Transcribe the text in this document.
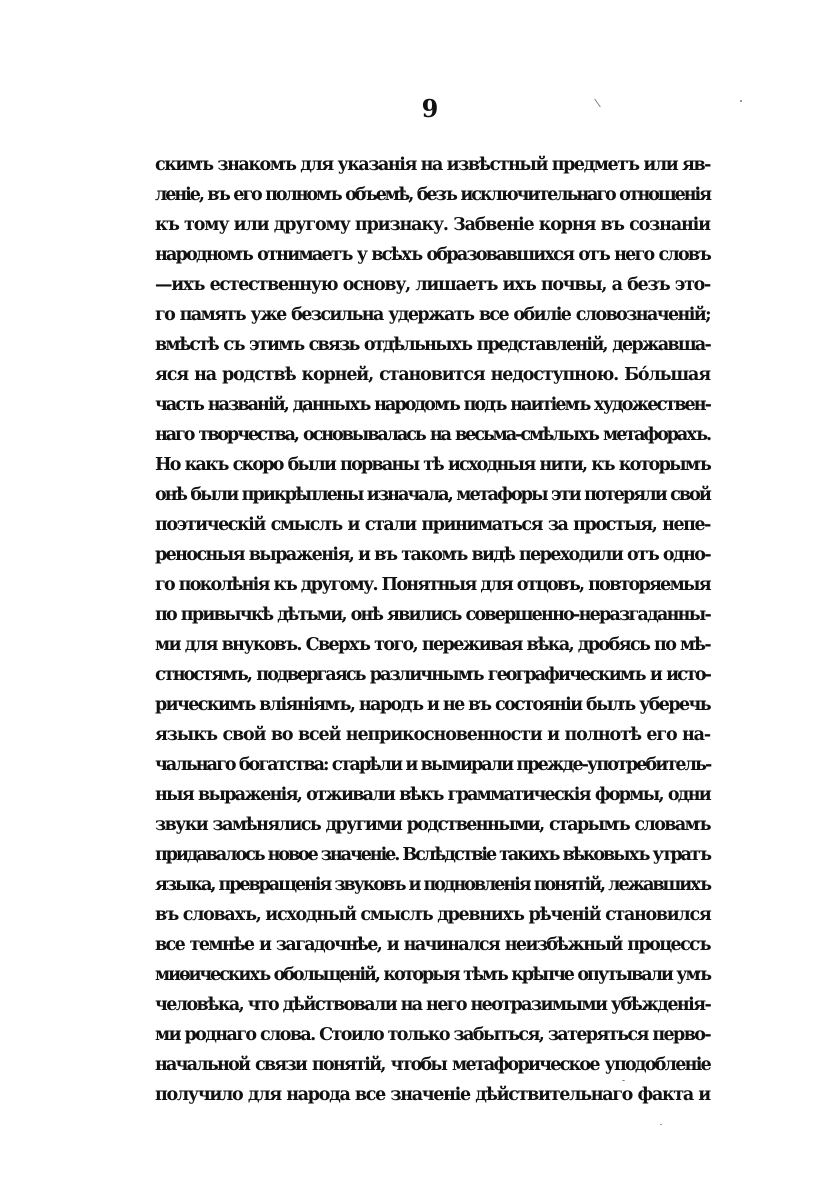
9
скимъ знакомъ для указанія на извѣстный предметъ или яв-
леніе, въ его полномъ объемѣ, безъ исключительнаго отношенія
къ тому или другому признаку. Забвеніе корня въ сознаніи
народномъ отнимаетъ у всѣхъ образовавшихся отъ него словъ
—ихъ естественную основу, лишаетъ ихъ почвы, а безъ это-
го память уже безсильна удержать все обиліе словозначеній;
вмѣстѣ съ этимъ связь отдѣльныхъ представленій, державша-
яся на родствѣ корней, становится недоступною. Бо́льшая
часть названій, данныхъ народомъ подъ наитіемъ художествен-
наго творчества, основывалась на весьма-смѣлыхъ метафорахъ.
Но какъ скоро были порваны тѣ исходныя нити, къ которымъ
онѣ были прикрѣплены изначала, метафоры эти потеряли свой
поэтическій смыслъ и стали приниматься за простыя, непе-
реносныя выраженія, и въ такомъ видѣ переходили отъ одно-
го поколѣнія къ другому. Понятныя для отцовъ, повторяемыя
по привычкѣ дѣтьми, онѣ явились совершенно-неразгаданны-
ми для внуковъ. Сверхъ того, переживая вѣка, дробясь по мѣ-
стностямъ, подвергаясь различнымъ географическимъ и исто-
рическимъ вліяніямъ, народъ и не въ состояніи былъ уберечь
языкъ свой во всей неприкосновенности и полнотѣ его на-
чальнаго богатства: старѣли и вымирали прежде-употребитель-
ныя выраженія, отживали вѣкъ грамматическія формы, одни
звуки замѣнялись другими родственными, старымъ словамъ
придавалось новое значеніе. Вслѣдствіе такихъ вѣковыхъ утратъ
языка, превращенія звуковъ и подновленія понятій, лежавшихъ
въ словахъ, исходный смыслъ древнихъ рѣченій становился
все темнѣе и загадочнѣе, и начинался неизбѣжный процессъ
миѳическихъ обольщеній, которыя тѣмъ крѣпче опутывали умъ
человѣка, что дѣйствовали на него неотразимыми убѣжденія-
ми роднаго слова. Стоило только забыться, затеряться перво-
начальной связи понятій, чтобы метафорическое уподобленіе
получило для народа все значеніе дѣйствительнаго факта и
